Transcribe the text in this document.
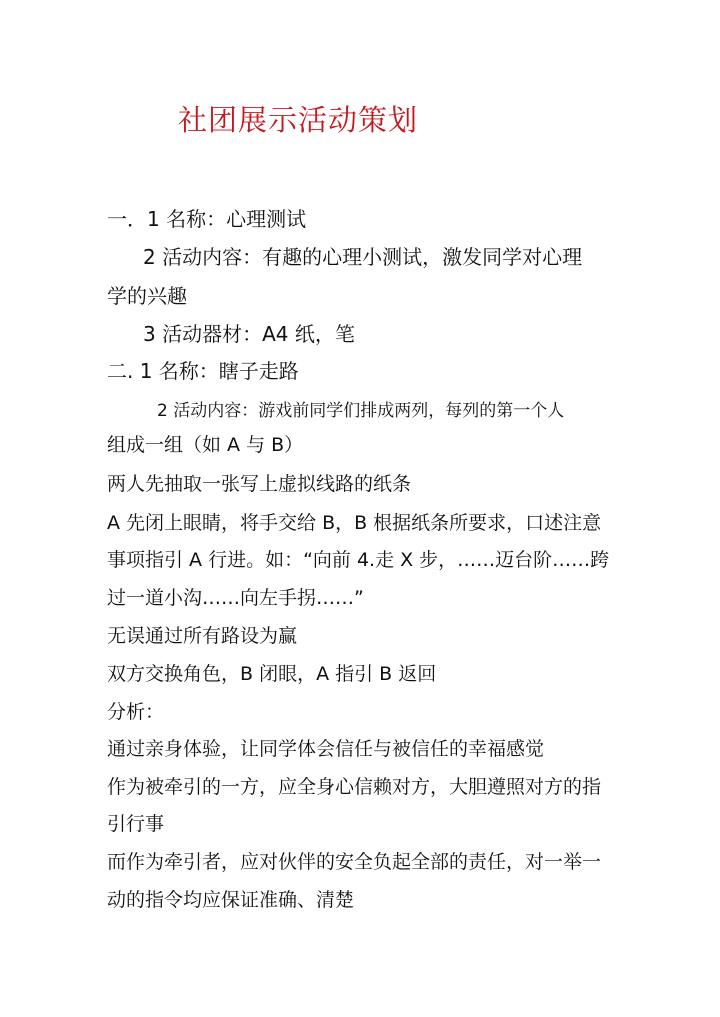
社团展示活动策划
一．1 名称：心理测试
2 活动内容：有趣的心理小测试，激发同学对心理
学的兴趣
3 活动器材：A4 纸，笔
二. 1 名称：瞎子走路
2 活动内容：游戏前同学们排成两列，每列的第一个人
组成一组（如 A 与 B）
两人先抽取一张写上虚拟线路的纸条
A 先闭上眼睛，将手交给 B，B 根据纸条所要求，口述注意
事项指引 A 行进。如：“向前 4.走 X 步，……迈台阶……跨
过一道小沟……向左手拐……”
无误通过所有路设为赢
双方交换角色，B 闭眼，A 指引 B 返回
分析：
通过亲身体验，让同学体会信任与被信任的幸福感觉
作为被牵引的一方，应全身心信赖对方，大胆遵照对方的指
引行事
而作为牵引者，应对伙伴的安全负起全部的责任，对一举一
动的指令均应保证准确、清楚
